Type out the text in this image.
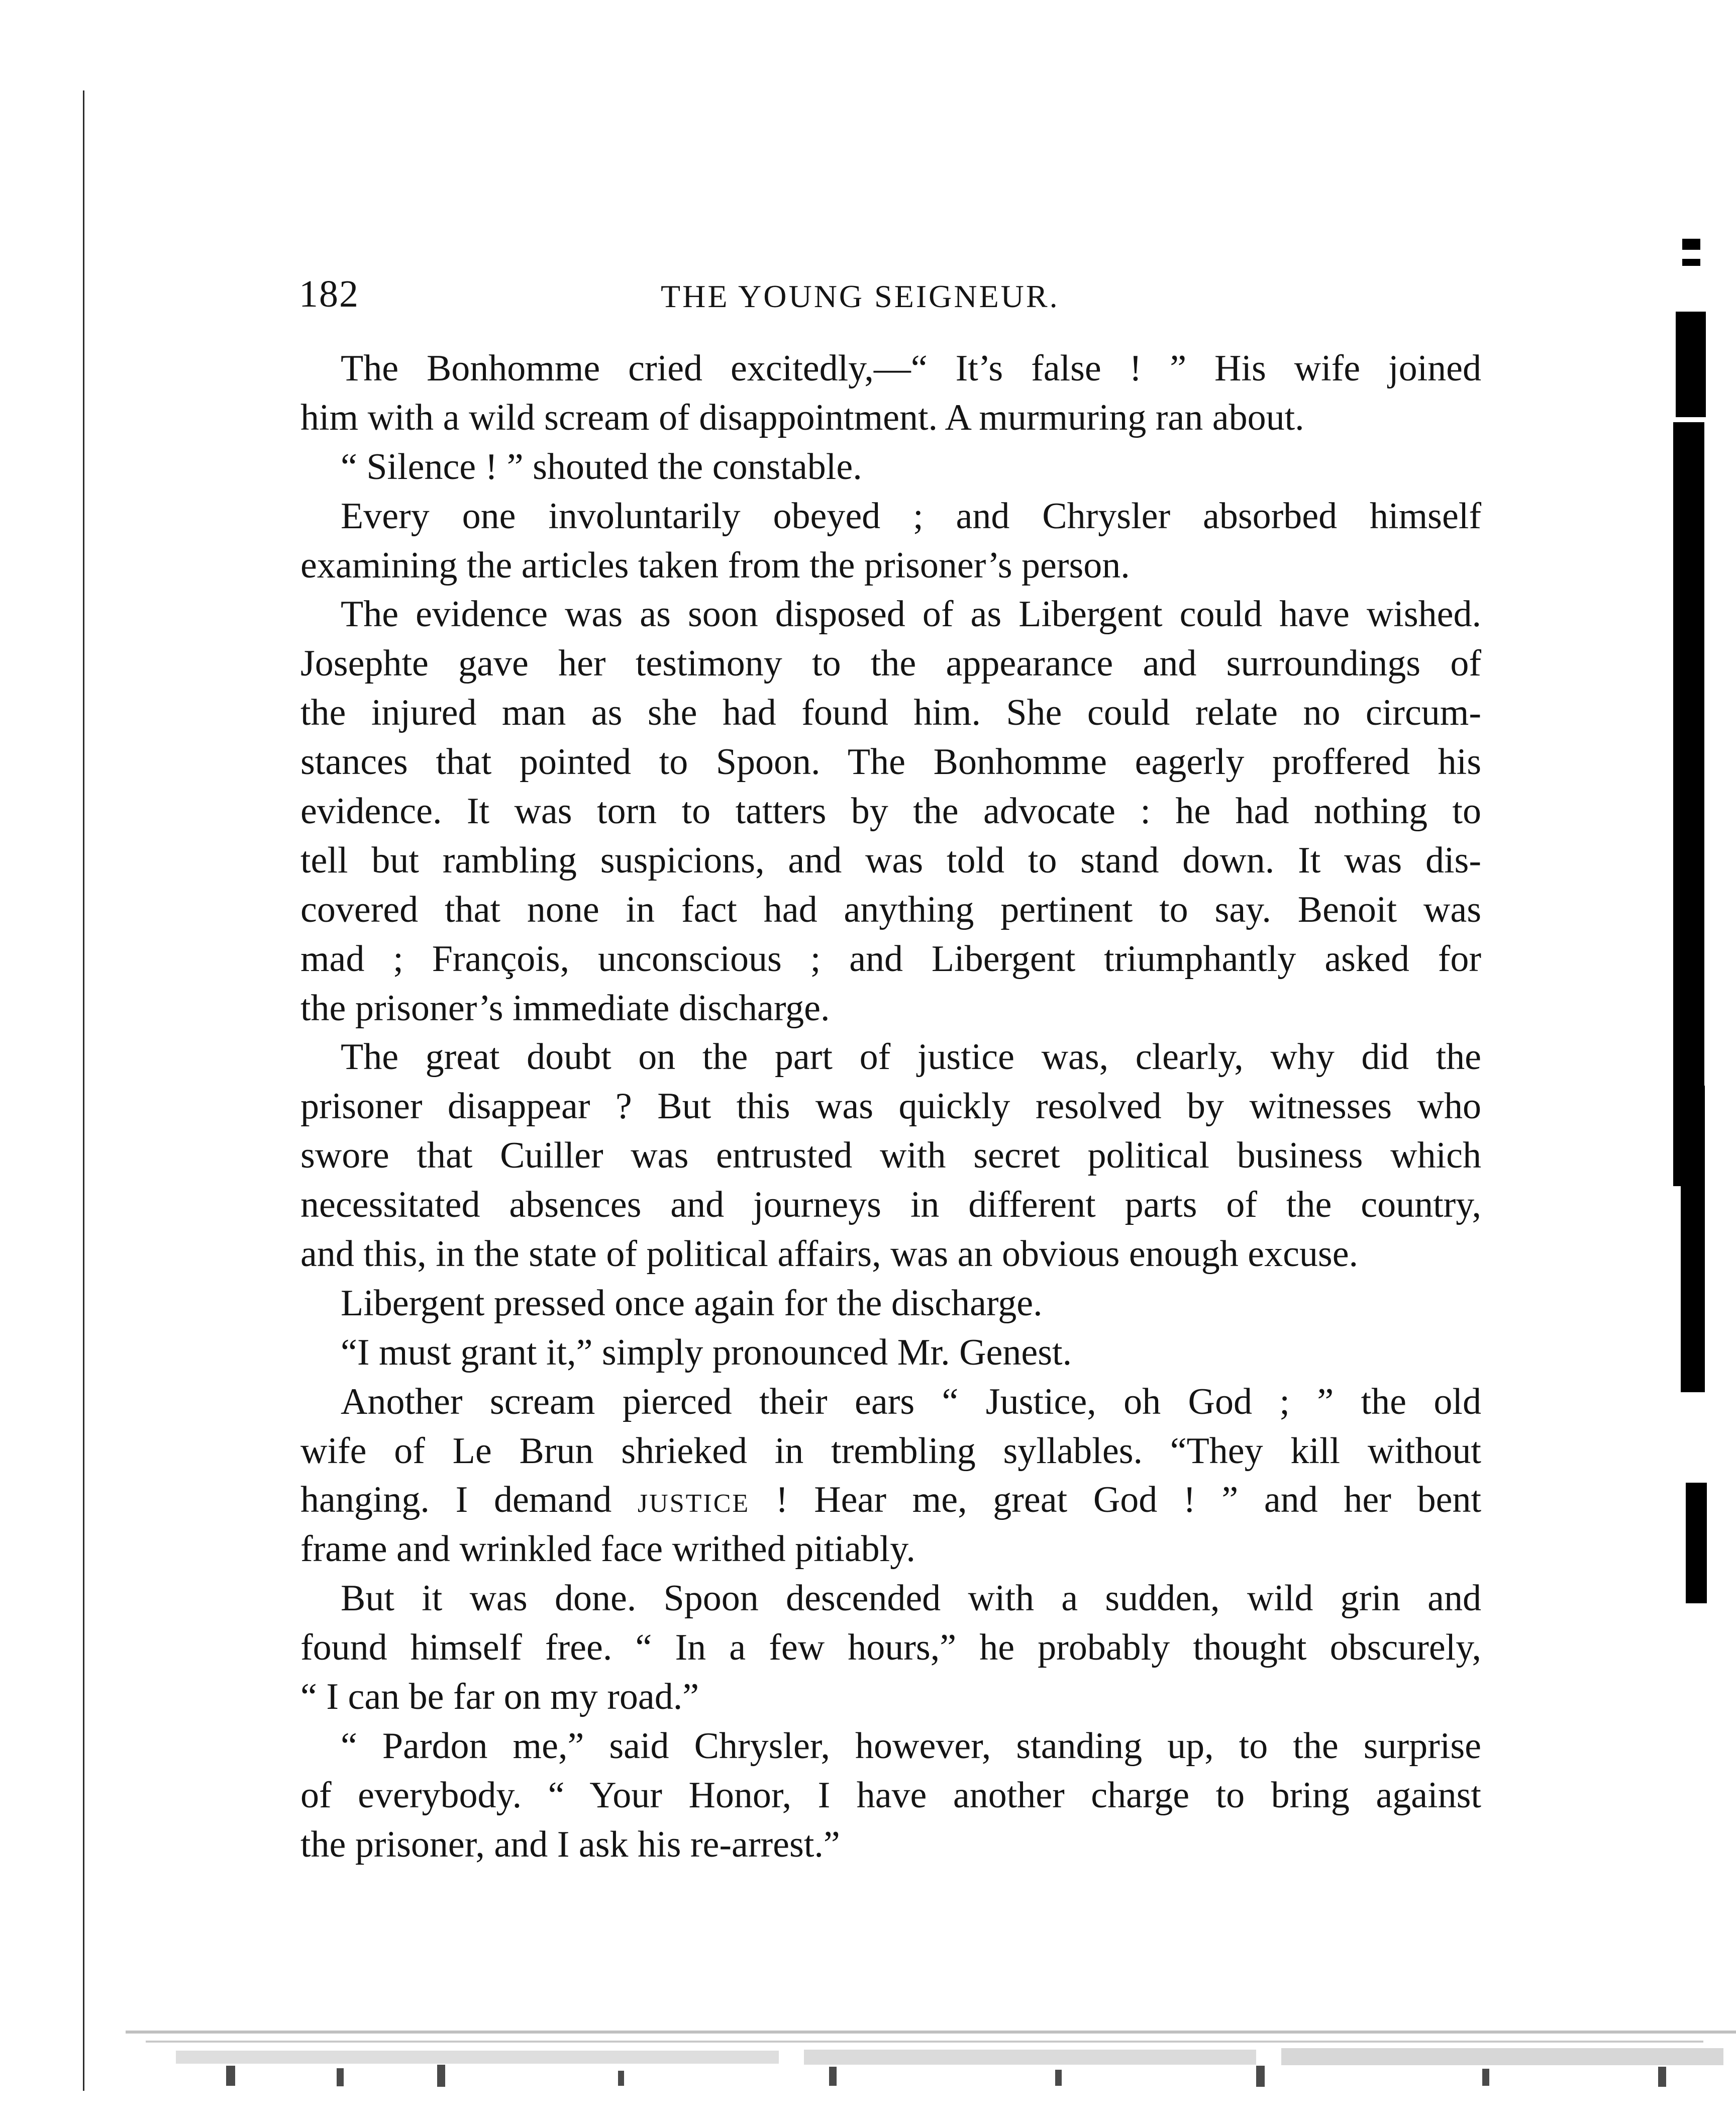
182	THE YOUNG SEIGNEUR.
The Bonhomme cried excitedly,—“ It’s false ! ” His wife joined
him with a wild scream of disappointment. A murmuring ran about.
“ Silence ! ” shouted the constable.
Every one involuntarily obeyed ; and Chrysler absorbed himself
examining the articles taken from the prisoner’s person.
The evidence was as soon disposed of as Libergent could have wished.
Josephte gave her testimony to the appearance and surroundings of
the injured man as she had found him. She could relate no circum-
stances that pointed to Spoon. The Bonhomme eagerly proffered his
evidence. It was torn to tatters by the advocate : he had nothing to
tell but rambling suspicions, and was told to stand down. It was dis-
covered that none in fact had anything pertinent to say. Benoit was
mad ; François, unconscious ; and Libergent triumphantly asked for
the prisoner’s immediate discharge.
The great doubt on the part of justice was, clearly, why did the
prisoner disappear ? But this was quickly resolved by witnesses who
swore that Cuiller was entrusted with secret political business which
necessitated absences and journeys in different parts of the country,
and this, in the state of political affairs, was an obvious enough excuse.
Libergent pressed once again for the discharge.
“I must grant it,” simply pronounced Mr. Genest.
Another scream pierced their ears “ Justice, oh God ; ” the old
wife of Le Brun shrieked in trembling syllables. “They kill without
hanging. I demand justice ! Hear me, great God ! ” and her bent
frame and wrinkled face writhed pitiably.
But it was done. Spoon descended with a sudden, wild grin and
found himself free. “ In a few hours,” he probably thought obscurely,
“ I can be far on my road.”
“ Pardon me,” said Chrysler, however, standing up, to the surprise
of everybody. “ Your Honor, I have another charge to bring against
the prisoner, and I ask his re-arrest.”
